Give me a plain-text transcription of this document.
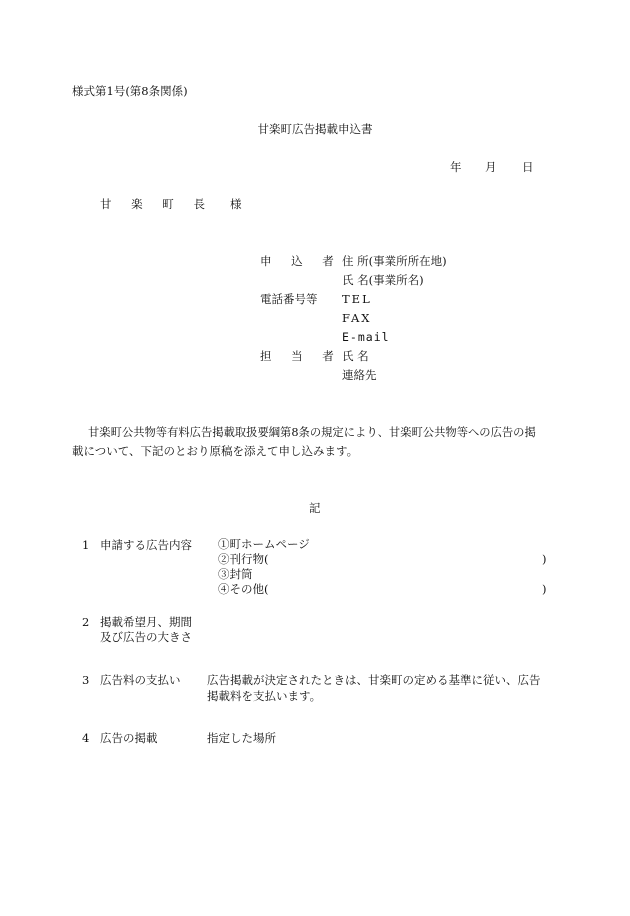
様式第1号(第8条関係)
甘楽町広告掲載申込書
年 月 日
甘 楽 町 長 様
申 込 者 住 所(事業所所在地)
氏 名(事業所名)
電話番号等 TEL
FAX
E-mail
担 当 者 氏 名
連絡先
甘楽町公共物等有料広告掲載取扱要綱第8条の規定により、甘楽町公共物等への広告の掲
載について、下記のとおり原稿を添えて申し込みます。
記
1 申請する広告内容 ①町ホームページ
②刊行物(	)
③封筒
④その他(	)
2 掲載希望月、期間
及び広告の大きさ
3 広告料の支払い 広告掲載が決定されたときは、甘楽町の定める基準に従い、広告
掲載料を支払います。
4 広告の掲載	指定した場所
